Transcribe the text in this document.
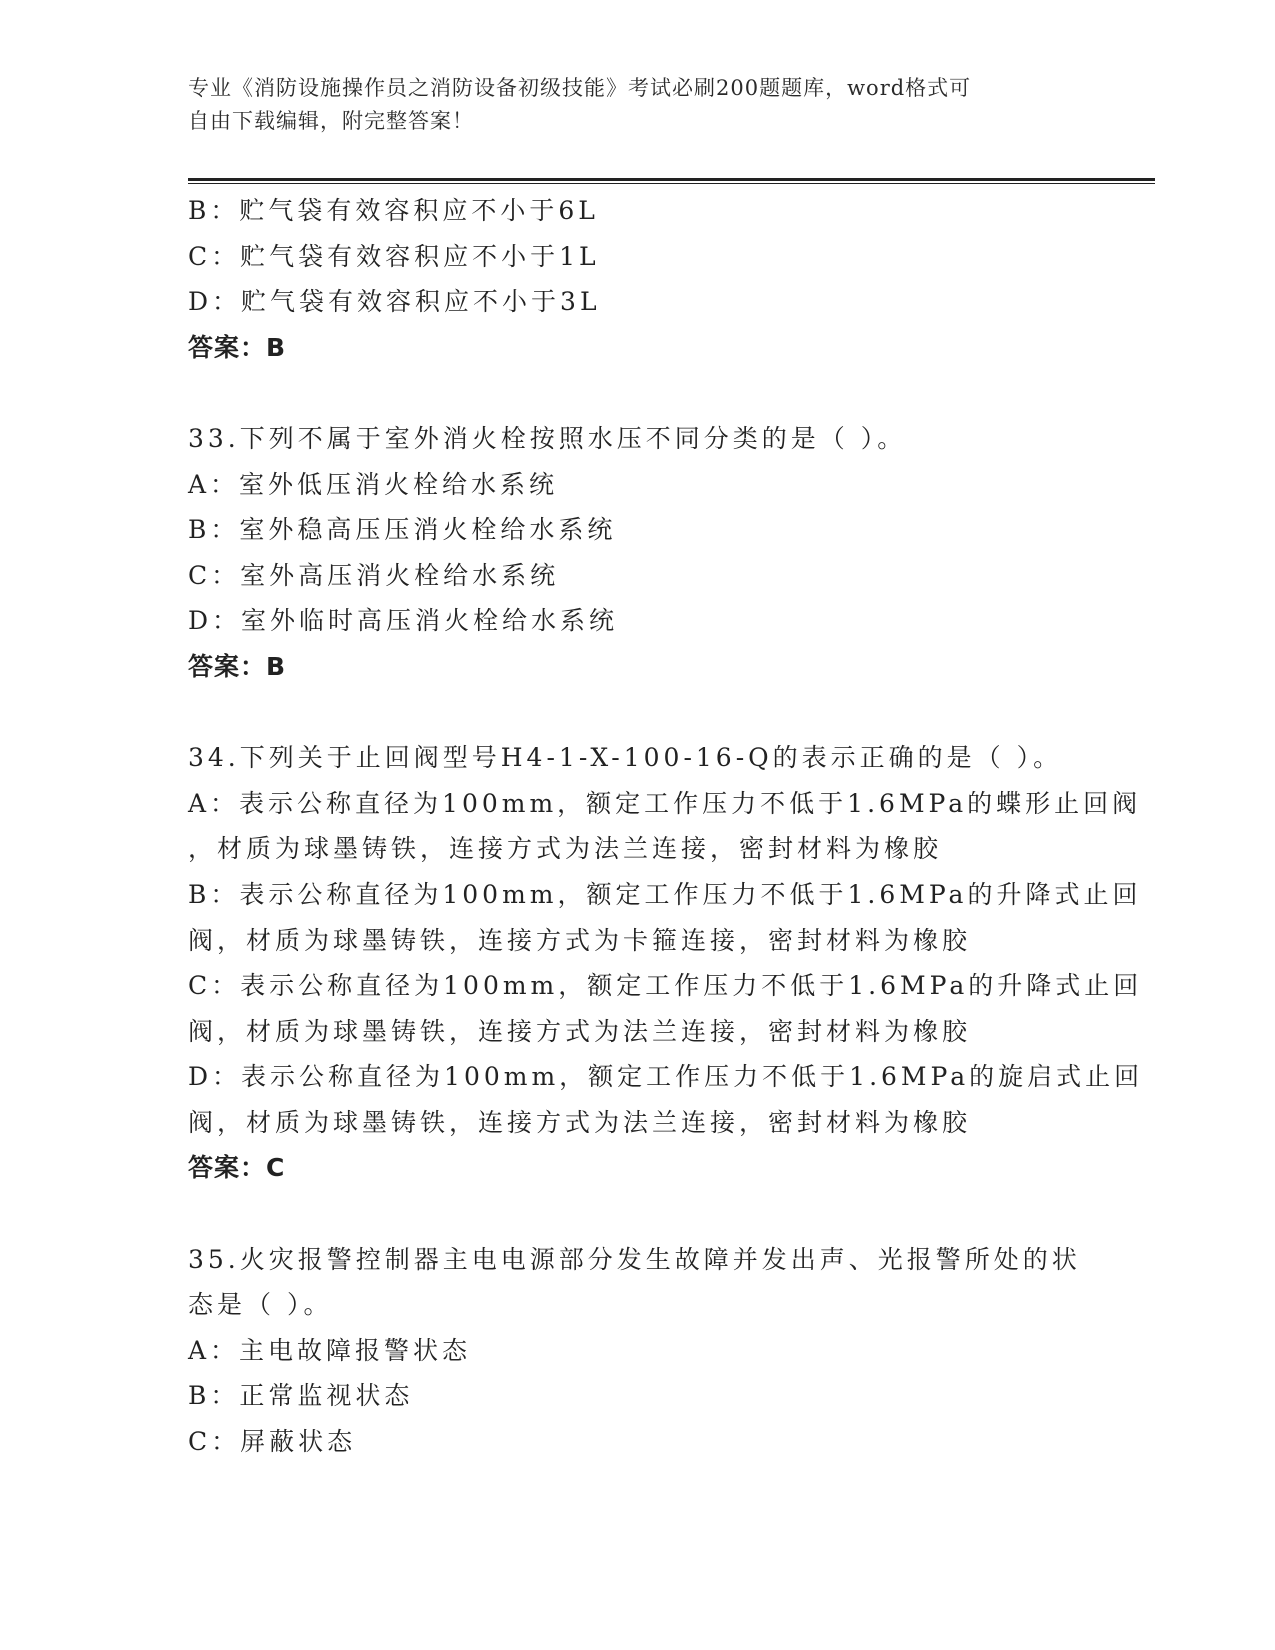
专业《消防设施操作员之消防设备初级技能》考试必刷200题题库，word格式可
自由下载编辑，附完整答案！
B：贮气袋有效容积应不小于6L
C：贮气袋有效容积应不小于1L
D：贮气袋有效容积应不小于3L
答案：B
33.下列不属于室外消火栓按照水压不同分类的是（ ）。
A：室外低压消火栓给水系统
B：室外稳高压压消火栓给水系统
C：室外高压消火栓给水系统
D：室外临时高压消火栓给水系统
答案：B
34.下列关于止回阀型号H4-1-X-100-16-Q的表示正确的是（ ）。
A：表示公称直径为100mm，额定工作压力不低于1.6MPa的蝶形止回阀
，材质为球墨铸铁，连接方式为法兰连接，密封材料为橡胶
B：表示公称直径为100mm，额定工作压力不低于1.6MPa的升降式止回
阀，材质为球墨铸铁，连接方式为卡箍连接，密封材料为橡胶
C：表示公称直径为100mm，额定工作压力不低于1.6MPa的升降式止回
阀，材质为球墨铸铁，连接方式为法兰连接，密封材料为橡胶
D：表示公称直径为100mm，额定工作压力不低于1.6MPa的旋启式止回
阀，材质为球墨铸铁，连接方式为法兰连接，密封材料为橡胶
答案：C
35.火灾报警控制器主电电源部分发生故障并发出声、光报警所处的状
态是（ ）。
A：主电故障报警状态
B：正常监视状态
C：屏蔽状态
